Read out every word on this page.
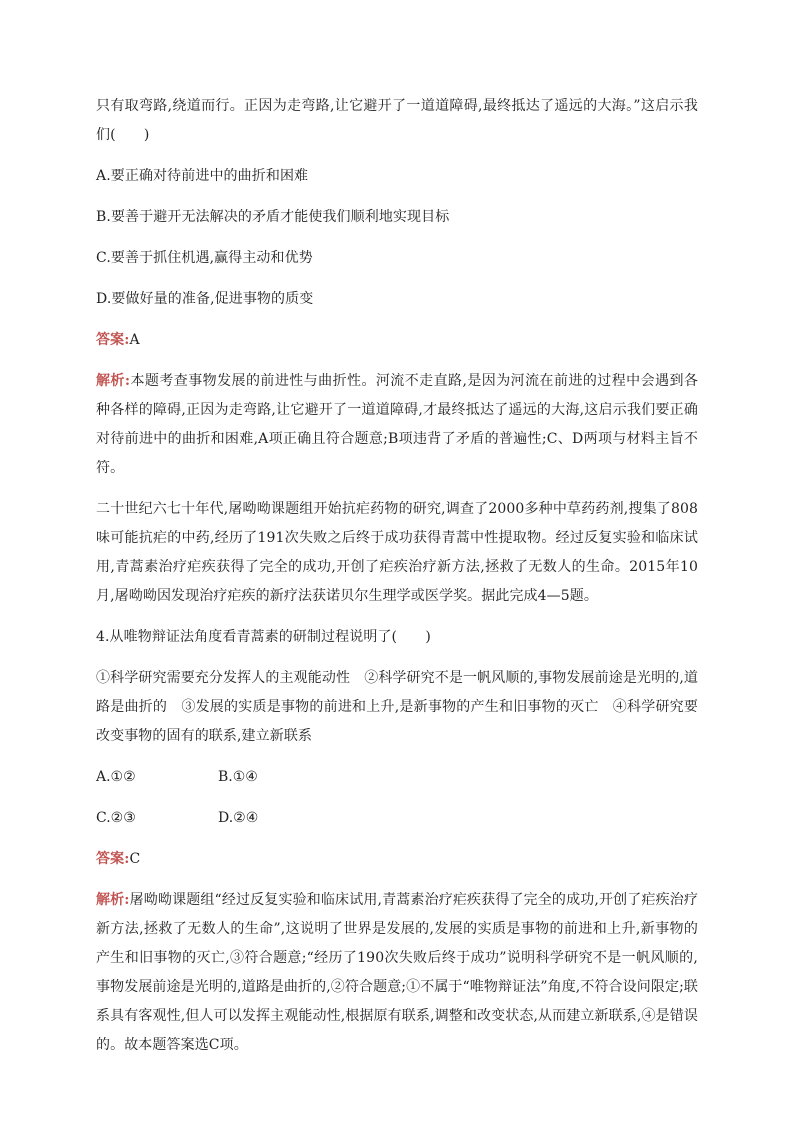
只有取弯路,绕道而行。正因为走弯路,让它避开了一道道障碍,最终抵达了遥远的大海。”这启示我们(　　)

A.要正确对待前进中的曲折和困难

B.要善于避开无法解决的矛盾才能使我们顺利地实现目标

C.要善于抓住机遇,赢得主动和优势

D.要做好量的准备,促进事物的质变

答案:A

解析:本题考查事物发展的前进性与曲折性。河流不走直路,是因为河流在前进的过程中会遇到各种各样的障碍,正因为走弯路,让它避开了一道道障碍,才最终抵达了遥远的大海,这启示我们要正确对待前进中的曲折和困难,A项正确且符合题意;B项违背了矛盾的普遍性;C、D两项与材料主旨不符。

二十世纪六七十年代,屠呦呦课题组开始抗疟药物的研究,调查了2000多种中草药药剂,搜集了808味可能抗疟的中药,经历了191次失败之后终于成功获得青蒿中性提取物。经过反复实验和临床试用,青蒿素治疗疟疾获得了完全的成功,开创了疟疾治疗新方法,拯救了无数人的生命。2015年10月,屠呦呦因发现治疗疟疾的新疗法获诺贝尔生理学或医学奖。据此完成4—5题。

4.从唯物辩证法角度看青蒿素的研制过程说明了(　　)

①科学研究需要充分发挥人的主观能动性　②科学研究不是一帆风顺的,事物发展前途是光明的,道路是曲折的　③发展的实质是事物的前进和上升,是新事物的产生和旧事物的灭亡　④科学研究要改变事物的固有的联系,建立新联系

A.①②	B.①④
C.②③	D.②④

答案:C

解析:屠呦呦课题组“经过反复实验和临床试用,青蒿素治疗疟疾获得了完全的成功,开创了疟疾治疗新方法,拯救了无数人的生命”,这说明了世界是发展的,发展的实质是事物的前进和上升,新事物的产生和旧事物的灭亡,③符合题意;“经历了190次失败后终于成功”说明科学研究不是一帆风顺的,事物发展前途是光明的,道路是曲折的,②符合题意;①不属于“唯物辩证法”角度,不符合设问限定;联系具有客观性,但人可以发挥主观能动性,根据原有联系,调整和改变状态,从而建立新联系,④是错误的。故本题答案选C项。
